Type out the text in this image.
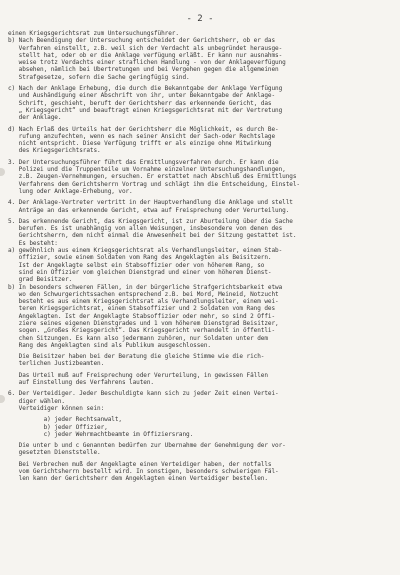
- 2 -
einen Kriegsgerichtsrat zum Untersuchungsführer.
b) Nach Beendigung der Untersuchung entscheidet der Gerichtsherr, ob er das
Verfahren einstellt, z.B. weil sich der Verdacht als unbegründet herausge-
stellt hat, oder ob er die Anklage verfügung erläßt. Er kann nur ausnahms-
weise trotz Verdachts einer straflichen Handlung - von der Anklageverfügung
absehen, nämlich bei Übertretungen und bei Vergehen gegen die allgemeinen
Strafgesetze, sofern die Sache geringfügig sind.
c) Nach der Anklage Erhebung, die durch die Bekanntgabe der Anklage Verfügung
und Aushändigung einer Abschrift von ihr, unter Bekanntgabe der Anklage-
Schrift, geschieht, beruft der Gerichtsherr das erkennende Gericht, das
„ Kriegsgericht“ und beauftragt einen Kriegsgerichtsrat mit der Vertretung
der Anklage.
d) Nach Erlaß des Urteils hat der Gerichtsherr die Möglichkeit, es durch Be-
rufung anzufechten, wenn es nach seiner Ansicht der Sach-oder Rechtslage
nicht entspricht. Diese Verfügung trifft er als einzige ohne Mitwirkung
des Kriegsgerichtsrats.
3. Der Untersuchungsführer führt das Ermittlungsverfahren durch. Er kann die
Polizei und die Truppenteile um Vornahme einzelner Untersuchungshandlungen,
z.B. Zeugen-Vernehmungen, ersuchen. Er erstattet nach Abschluß des Ermittlungs
Verfahrens dem Gerichtsherrn Vortrag und schlägt ihm die Entscheidung, Einstel-
lung oder Anklage-Erhebung, vor.
4. Der Anklage-Vertreter vertritt in der Hauptverhandlung die Anklage und stellt
Anträge an das erkennende Gericht, etwa auf Freisprechung oder Verurteilung.
5. Das erkennende Gericht, das Kriegsgericht, ist zur Aburteilung über die Sache
berufen. Es ist unabhängig von allen Weisungen, insbesondere von denen des
Gerichtsherrn, dem nicht einmal die Anwesenheit bei der Sitzung gestattet ist.
Es besteht:
a) gewöhnlich aus einem Kriegsgerichtsrat als Verhandlungsleiter, einem Stab-
offizier, sowie einem Soldaten vom Rang des Angeklagten als Beisitzern.
Ist der Angeklagte selbst ein Stabsoffizier oder von höherem Rang, so
sind ein Offizier vom gleichen Dienstgrad und einer vom höherem Dienst-
grad Beisitzer.
b) In besonders schweren Fällen, in der bürgerliche Strafgerichtsbarkeit etwa
wo den Schwurgerichtssachen entsprechend z.B. bei Mord, Meineid, Notzucht
besteht es aus einem Kriegsgerichtsrat als Verhandlungsleiter, einem wei-
teren Kriegsgerichtsrat, einem Stabsoffizier und 2 Soldaten vom Rang des
Angeklagten. Ist der Angeklagte Stabsoffizier oder mehr, so sind 2 Offi-
ziere seines eigenen Dienstgrades und 1 vom höherem Dienstgrad Beisitzer,
sogen. „Großes Kriegsgericht“. Das Kriegsgericht verhandelt in öffentli-
chen Sitzungen. Es kann also jedermann zuhören, nur Soldaten unter dem
Rang des Angeklagten sind als Publikum ausgeschlossen.
Die Beisitzer haben bei der Beratung die gleiche Stimme wie die rich-
terlichen Justizbeamten.
Das Urteil muß auf Freisprechung oder Verurteilung, in gewissen Fällen
auf Einstellung des Verfahrens lauten.
6. Der Verteidiger. Jeder Beschuldigte kann sich zu jeder Zeit einen Vertei-
diger wählen.
Verteidiger können sein:
a) jeder Rechtsanwalt,
b) jeder Offizier,
c) jeder Wehrmachtbeamte im Offiziersrang.
Die unter b und c Genannten bedürfen zur Übernahme der Genehmigung der vor-
gesetzten Dienststelle.
Bei Verbrechen muß der Angeklagte einen Verteidiger haben, der notfalls
vom Gerichtsherrn bestellt wird. In sonstigen, besonders schwierigen Fäl-
len kann der Gerichtsherr dem Angeklagten einen Verteidiger bestellen.
